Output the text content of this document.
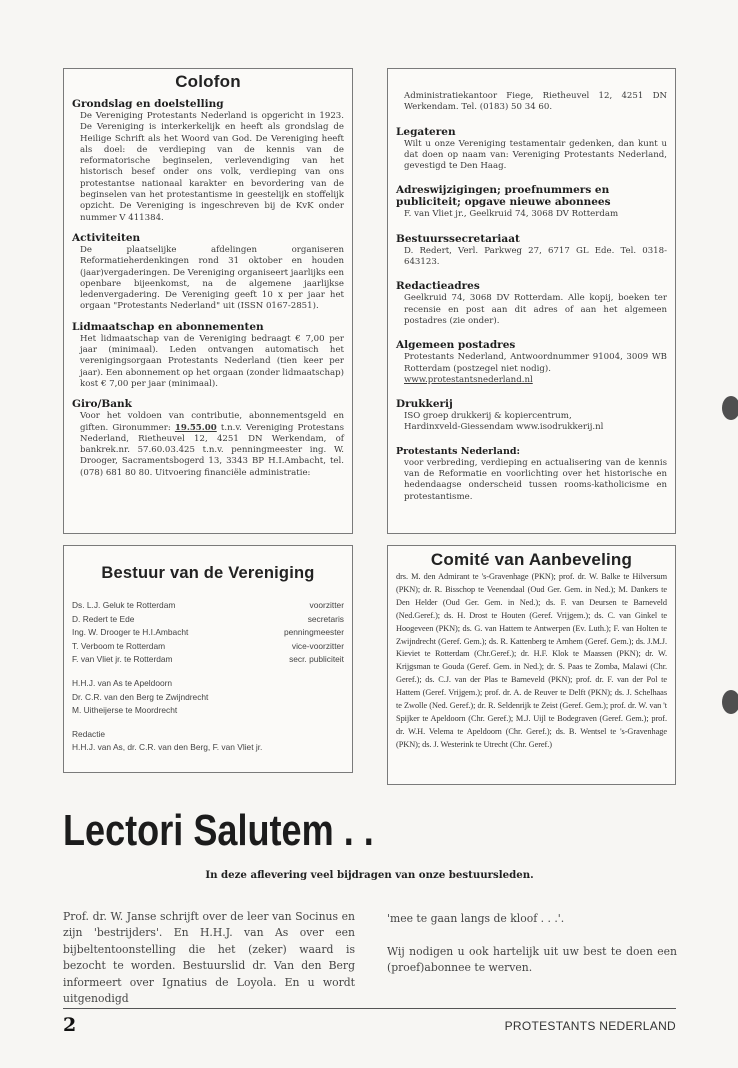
Colofon
Grondslag en doelstelling

De Vereniging Protestants Nederland is opgericht in 1923. De Vereniging is interkerkelijk en heeft als grondslag de Heilige Schrift als het Woord van God. De Vereniging heeft als doel: de verdieping van de kennis van de reformatorische beginselen, verlevendiging van het historisch besef onder ons volk, verdieping van ons protestantse nationaal karakter en bevordering van de beginselen van het protestantisme in geestelijk en stoffelijk opzicht. De Vereniging is ingeschreven bij de KvK onder nummer V 411384.

Activiteiten

De plaatselijke afdelingen organiseren Reformatieherdenkingen rond 31 oktober en houden (jaar)vergaderingen. De Vereniging organiseert jaarlijks een openbare bijeenkomst, na de algemene jaarlijkse ledenvergadering. De Vereniging geeft 10 x per jaar het orgaan "Protestants Nederland" uit (ISSN 0167-2851).

Lidmaatschap en abonnementen

Het lidmaatschap van de Vereniging bedraagt € 7,00 per jaar (minimaal). Leden ontvangen automatisch het verenigingsorgaan Protestants Nederland (tien keer per jaar). Een abonnement op het orgaan (zonder lidmaatschap) kost € 7,00 per jaar (minimaal).

Giro/Bank

Voor het voldoen van contributie, abonnementsgeld en giften. Gironummer: 19.55.00 t.n.v. Vereniging Protestans Nederland, Rietheuvel 12, 4251 DN Werkendam, of bankrek.nr. 57.60.03.425 t.n.v. penningmeester ing. W. Drooger, Sacramentsbogerd 13, 3343 BP H.I.Ambacht, tel. (078) 681 80 80. Uitvoering financiële administratie:

Administratiekantoor Fiege, Rietheuvel 12, 4251 DN Werkendam. Tel. (0183) 50 34 60.

Legateren

Wilt u onze Vereniging testamentair gedenken, dan kunt u dat doen op naam van: Vereniging Protestants Nederland, gevestigd te Den Haag.

Adreswijzigingen; proefnummers en publiciteit; opgave nieuwe abonnees

F. van Vliet jr., Geelkruid 74, 3068 DV Rotterdam

Bestuurssecretariaat

D. Redert, Verl. Parkweg 27, 6717 GL Ede. Tel. 0318-643123.

Redactieadres

Geelkruid 74, 3068 DV Rotterdam. Alle kopij, boeken ter recensie en post aan dit adres of aan het algemeen postadres (zie onder).

Algemeen postadres

Protestants Nederland, Antwoordnummer 91004, 3009 WB Rotterdam (postzegel niet nodig).

www.protestantsnederland.nl

Drukkerij

ISO groep drukkerij & kopiercentrum,

Hardinxveld-Giessendam www.isodrukkerij.nl

Protestants Nederland:

voor verbreding, verdieping en actualisering van de kennis van de Reformatie en voorlichting over het historische en hedendaagse onderscheid tussen rooms-katholicisme en protestantisme.

Bestuur van de Vereniging
Ds. L.J. Geluk te Rotterdam	voorzitter
D. Redert te Ede	secretaris
Ing. W. Drooger te H.I.Ambacht	penningmeester
T. Verboom te Rotterdam	vice-voorzitter
F. van Vliet jr. te Rotterdam	secr. publiciteit
H.H.J. van As te Apeldoorn
Dr. C.R. van den Berg te Zwijndrecht
M. Uitheijerse te Moordrecht
Redactie
H.H.J. van As, dr. C.R. van den Berg, F. van Vliet jr.
Comité van Aanbeveling
drs. M. den Admirant te 's-Gravenhage (PKN); prof. dr. W. Balke te Hilversum (PKN); dr. R. Bisschop te Veenendaal (Oud Ger. Gem. in Ned.); M. Dankers te Den Helder (Oud Ger. Gem. in Ned.); ds. F. van Deursen te Barneveld (Ned.Geref.); ds. H. Drost te Houten (Geref. Vrijgem.); ds. C. van Ginkel te Hoogeveen (PKN); ds. G. van Hattem te Antwerpen (Ev. Luth.); F. van Holten te Zwijndrecht (Geref. Gem.); ds. R. Kattenberg te Arnhem (Geref. Gem.); ds. J.M.J. Kieviet te Rotterdam (Chr.Geref.); dr. H.F. Klok te Maassen (PKN); dr. W. Krijgsman te Gouda (Geref. Gem. in Ned.); dr. S. Paas te Zomba, Malawi (Chr. Geref.); ds. C.J. van der Plas te Barneveld (PKN); prof. dr. F. van der Pol te Hattem (Geref. Vrijgem.); prof. dr. A. de Reuver te Delft (PKN); ds. J. Schelhaas te Zwolle (Ned. Geref.); dr. R. Seldenrijk te Zeist (Geref. Gem.); prof. dr. W. van 't Spijker te Apeldoorn (Chr. Geref.); M.J. Uijl te Bodegraven (Geref. Gem.); prof. dr. W.H. Velema te Apeldoorn (Chr. Geref.); ds. B. Wentsel te 's-Gravenhage (PKN); ds. J. Westerink te Utrecht (Chr. Geref.)
Lectori Salutem . .
In deze aflevering veel bijdragen van onze bestuursleden.
Prof. dr. W. Janse schrijft over de leer van Socinus en zijn 'bestrijders'. En H.H.J. van As over een bijbeltentoonstelling die het (zeker) waard is bezocht te worden. Bestuurslid dr. Van den Berg informeert over Ignatius de Loyola. En u wordt uitgenodigd
'mee te gaan langs de kloof . . .'.
Wij nodigen u ook hartelijk uit uw best te doen een (proef)abonnee te werven.
2	PROTESTANTS NEDERLAND
